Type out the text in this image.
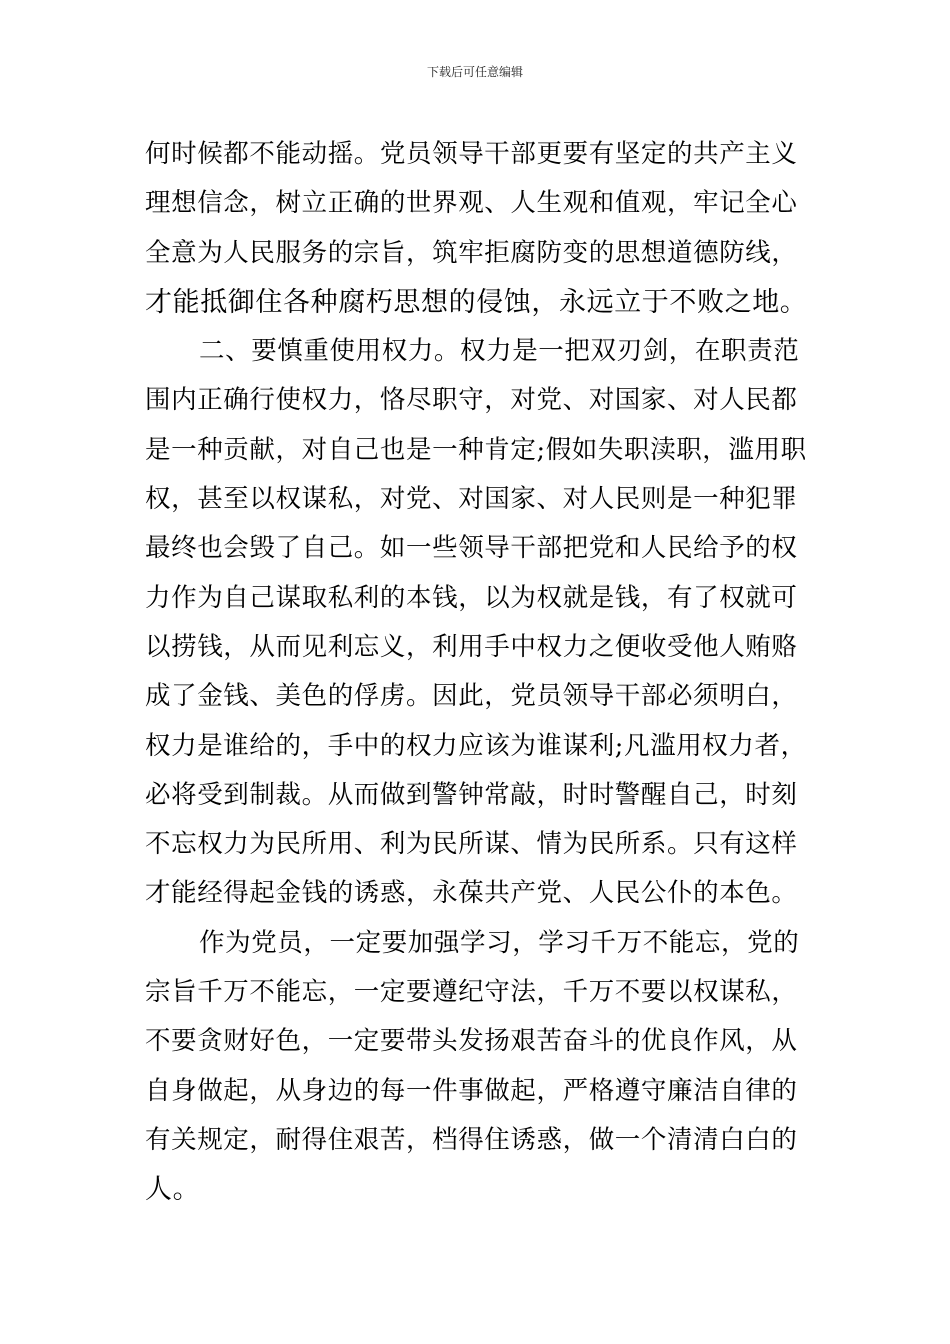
下载后可任意编辑
何时候都不能动摇。党员领导干部更要有坚定的共产主义
理想信念，树立正确的世界观、人生观和值观，牢记全心
全意为人民服务的宗旨，筑牢拒腐防变的思想道德防线，
才能抵御住各种腐朽思想的侵蚀，永远立于不败之地。
二、要慎重使用权力。权力是一把双刃剑，在职责范
围内正确行使权力，恪尽职守，对党、对国家、对人民都
是一种贡献，对自己也是一种肯定;假如失职渎职，滥用职
权，甚至以权谋私，对党、对国家、对人民则是一种犯罪
最终也会毁了自己。如一些领导干部把党和人民给予的权
力作为自己谋取私利的本钱，以为权就是钱，有了权就可
以捞钱，从而见利忘义，利用手中权力之便收受他人贿赂
成了金钱、美色的俘虏。因此，党员领导干部必须明白，
权力是谁给的，手中的权力应该为谁谋利;凡滥用权力者，
必将受到制裁。从而做到警钟常敲，时时警醒自己，时刻
不忘权力为民所用、利为民所谋、情为民所系。只有这样
才能经得起金钱的诱惑，永葆共产党、人民公仆的本色。
作为党员，一定要加强学习，学习千万不能忘，党的
宗旨千万不能忘，一定要遵纪守法，千万不要以权谋私，
不要贪财好色，一定要带头发扬艰苦奋斗的优良作风，从
自身做起，从身边的每一件事做起，严格遵守廉洁自律的
有关规定，耐得住艰苦，档得住诱惑，做一个清清白白的
人。
